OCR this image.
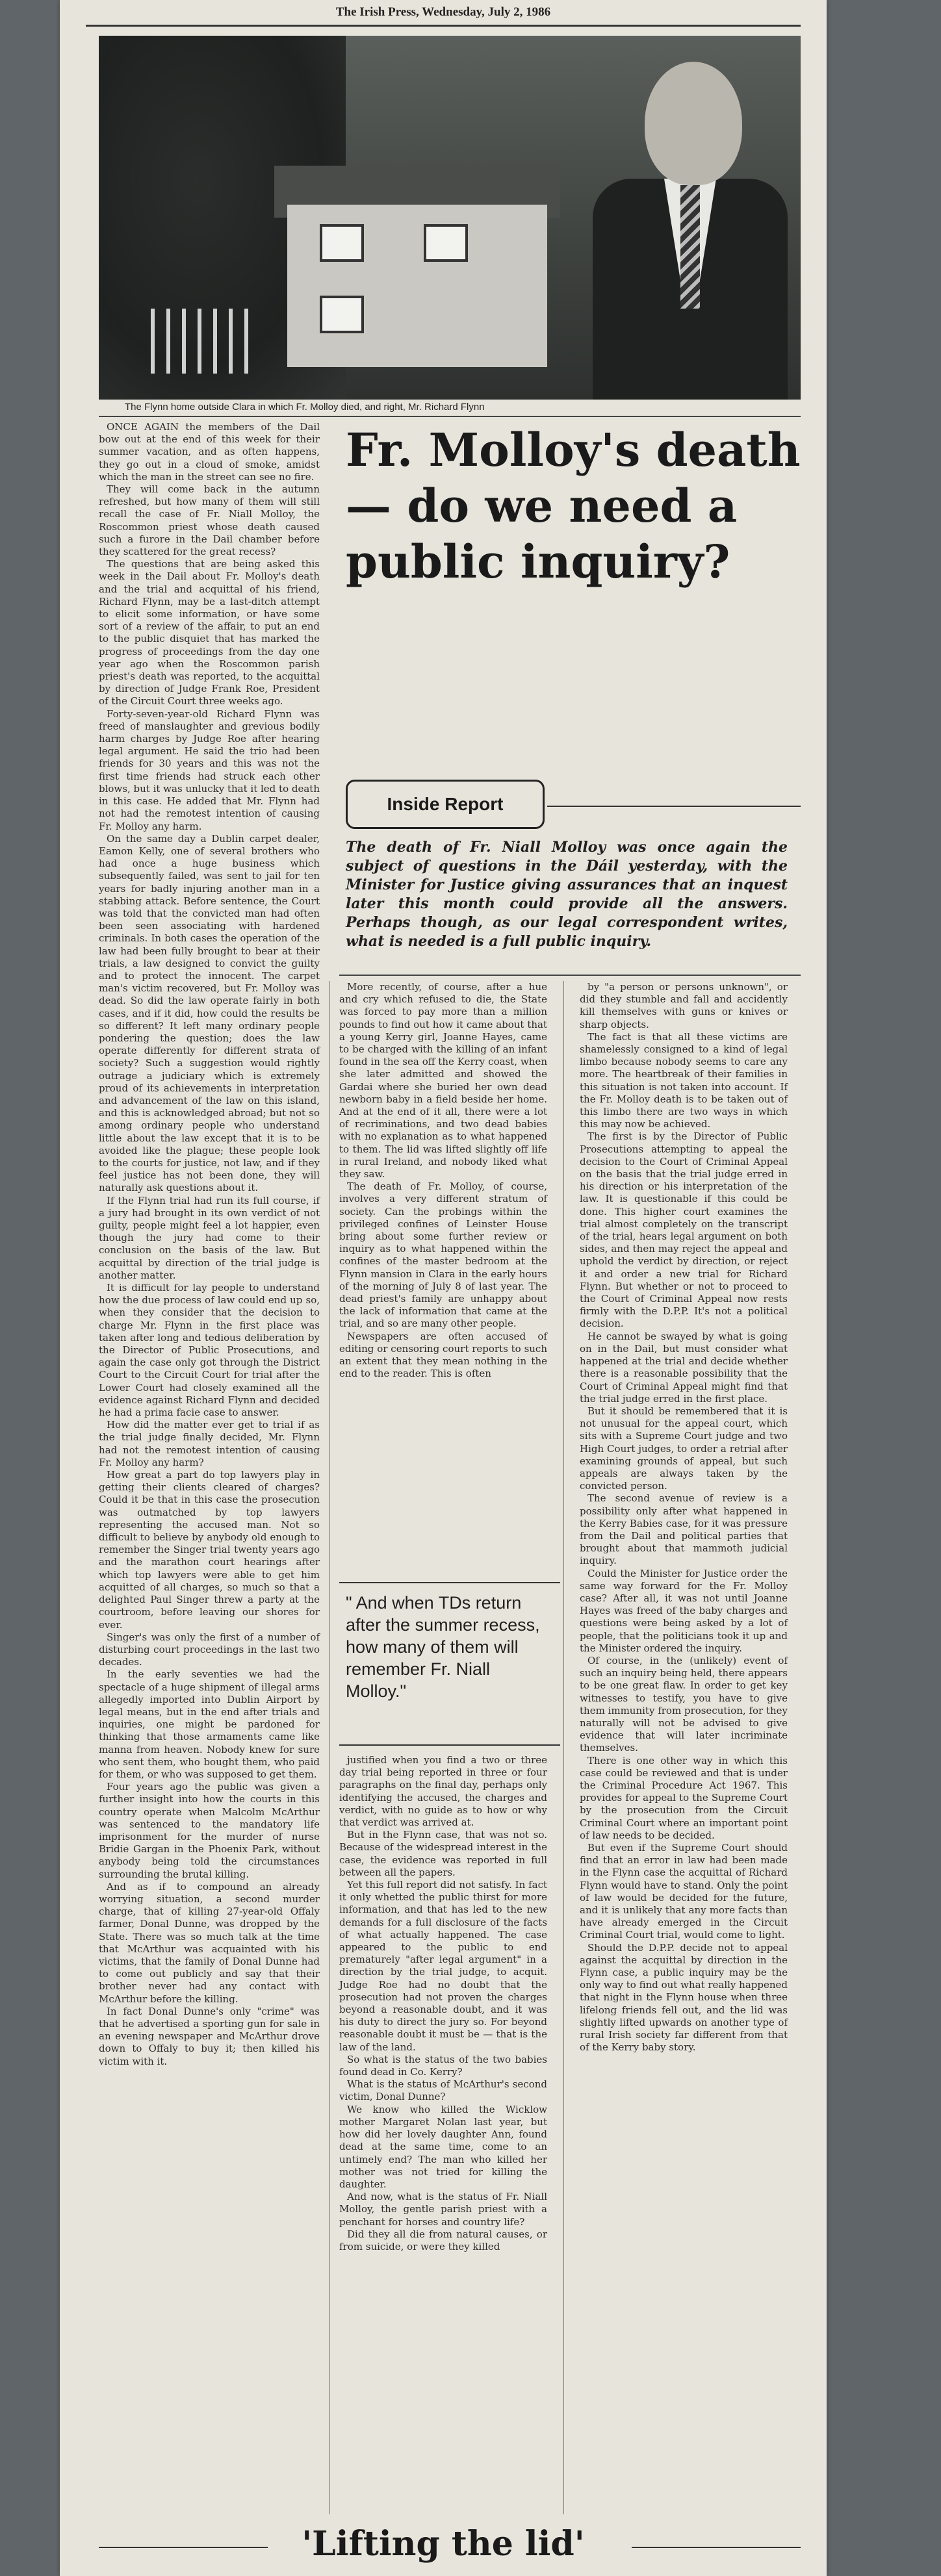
The Irish Press, Wednesday, July 2, 1986
The Flynn home outside Clara in which Fr. Molloy died, and right, Mr. Richard Flynn

ONCE AGAIN the members of the Dail bow out at the end of this week for their summer vacation, and as often happens, they go out in a cloud of smoke, amidst which the man in the street can see no fire.

They will come back in the autumn refreshed, but how many of them will still recall the case of Fr. Niall Molloy, the Roscommon priest whose death caused such a furore in the Dail chamber before they scattered for the great recess?

The questions that are being asked this week in the Dail about Fr. Molloy's death and the trial and acquittal of his friend, Richard Flynn, may be a last-ditch attempt to elicit some information, or have some sort of a review of the affair, to put an end to the public disquiet that has marked the progress of proceedings from the day one year ago when the Roscommon parish priest's death was reported, to the acquittal by direction of Judge Frank Roe, President of the Circuit Court three weeks ago.

Forty-seven-year-old Richard Flynn was freed of manslaughter and grevious bodily harm charges by Judge Roe after hearing legal argument. He said the trio had been friends for 30 years and this was not the first time friends had struck each other blows, but it was unlucky that it led to death in this case. He added that Mr. Flynn had not had the remotest intention of causing Fr. Molloy any harm.

On the same day a Dublin carpet dealer, Eamon Kelly, one of several brothers who had once a huge business which subsequently failed, was sent to jail for ten years for badly injuring another man in a stabbing attack. Before sentence, the Court was told that the convicted man had often been seen associating with hardened criminals. In both cases the operation of the law had been fully brought to bear at their trials, a law designed to convict the guilty and to protect the innocent. The carpet man's victim recovered, but Fr. Molloy was dead. So did the law operate fairly in both cases, and if it did, how could the results be so different? It left many ordinary people pondering the question; does the law operate differently for different strata of society? Such a suggestion would rightly outrage a judiciary which is extremely proud of its achievements in interpretation and advancement of the law on this island, and this is acknowledged abroad; but not so among ordinary people who understand little about the law except that it is to be avoided like the plague; these people look to the courts for justice, not law, and if they feel justice has not been done, they will naturally ask questions about it.

If the Flynn trial had run its full course, if a jury had brought in its own verdict of not guilty, people might feel a lot happier, even though the jury had come to their conclusion on the basis of the law. But acquittal by direction of the trial judge is another matter.

It is difficult for lay people to understand how the due process of law could end up so, when they consider that the decision to charge Mr. Flynn in the first place was taken after long and tedious deliberation by the Director of Public Prosecutions, and again the case only got through the District Court to the Circuit Court for trial after the Lower Court had closely examined all the evidence against Richard Flynn and decided he had a prima facie case to answer.

How did the matter ever get to trial if as the trial judge finally decided, Mr. Flynn had not the remotest intention of causing Fr. Molloy any harm?

How great a part do top lawyers play in getting their clients cleared of charges? Could it be that in this case the prosecution was outmatched by top lawyers representing the accused man. Not so difficult to believe by anybody old enough to remember the Singer trial twenty years ago and the marathon court hearings after which top lawyers were able to get him acquitted of all charges, so much so that a delighted Paul Singer threw a party at the courtroom, before leaving our shores for ever.

Singer's was only the first of a number of disturbing court proceedings in the last two decades.

In the early seventies we had the spectacle of a huge shipment of illegal arms allegedly imported into Dublin Airport by legal means, but in the end after trials and inquiries, one might be pardoned for thinking that those armaments came like manna from heaven. Nobody knew for sure who sent them, who bought them, who paid for them, or who was supposed to get them.

Four years ago the public was given a further insight into how the courts in this country operate when Malcolm McArthur was sentenced to the mandatory life imprisonment for the murder of nurse Bridie Gargan in the Phoenix Park, without anybody being told the circumstances surrounding the brutal killing.

And as if to compound an already worrying situation, a second murder charge, that of killing 27-year-old Offaly farmer, Donal Dunne, was dropped by the State. There was so much talk at the time that McArthur was acquainted with his victims, that the family of Donal Dunne had to come out publicly and say that their brother never had any contact with McArthur before the killing.

In fact Donal Dunne's only "crime" was that he advertised a sporting gun for sale in an evening newspaper and McArthur drove down to Offaly to buy it; then killed his victim with it.

Fr. Molloy's death — do we need a public inquiry?
Inside Report
The death of Fr. Niall Molloy was once again the subject of questions in the Dáil yesterday, with the Minister for Justice giving assurances that an inquest later this month could provide all the answers. Perhaps though, as our legal correspondent writes, what is needed is a full public inquiry.

More recently, of course, after a hue and cry which refused to die, the State was forced to pay more than a million pounds to find out how it came about that a young Kerry girl, Joanne Hayes, came to be charged with the killing of an infant found in the sea off the Kerry coast, when she later admitted and showed the Gardai where she buried her own dead newborn baby in a field beside her home. And at the end of it all, there were a lot of recriminations, and two dead babies with no explanation as to what happened to them. The lid was lifted slightly off life in rural Ireland, and nobody liked what they saw.

The death of Fr. Molloy, of course, involves a very different stratum of society. Can the probings within the privileged confines of Leinster House bring about some further review or inquiry as to what happened within the confines of the master bedroom at the Flynn mansion in Clara in the early hours of the morning of July 8 of last year. The dead priest's family are unhappy about the lack of information that came at the trial, and so are many other people.

Newspapers are often accused of editing or censoring court reports to such an extent that they mean nothing in the end to the reader. This is often

" And when TDs return after the summer recess, how many of them will remember Fr. Niall Molloy."

justified when you find a two or three day trial being reported in three or four paragraphs on the final day, perhaps only identifying the accused, the charges and verdict, with no guide as to how or why that verdict was arrived at.

But in the Flynn case, that was not so. Because of the widespread interest in the case, the evidence was reported in full between all the papers.

Yet this full report did not satisfy. In fact it only whetted the public thirst for more information, and that has led to the new demands for a full disclosure of the facts of what actually happened. The case appeared to the public to end prematurely "after legal argument" in a direction by the trial judge, to acquit. Judge Roe had no doubt that the prosecution had not proven the charges beyond a reasonable doubt, and it was his duty to direct the jury so. For beyond reasonable doubt it must be — that is the law of the land.

So what is the status of the two babies found dead in Co. Kerry?

What is the status of McArthur's second victim, Donal Dunne?

We know who killed the Wicklow mother Margaret Nolan last year, but how did her lovely daughter Ann, found dead at the same time, come to an untimely end? The man who killed her mother was not tried for killing the daughter.

And now, what is the status of Fr. Niall Molloy, the gentle parish priest with a penchant for horses and country life?

Did they all die from natural causes, or from suicide, or were they killed

by "a person or persons unknown", or did they stumble and fall and accidently kill themselves with guns or knives or sharp objects.

The fact is that all these victims are shamelessly consigned to a kind of legal limbo because nobody seems to care any more. The heartbreak of their families in this situation is not taken into account. If the Fr. Molloy death is to be taken out of this limbo there are two ways in which this may now be achieved.

The first is by the Director of Public Prosecutions attempting to appeal the decision to the Court of Criminal Appeal on the basis that the trial judge erred in his direction or his interpretation of the law. It is questionable if this could be done. This higher court examines the trial almost completely on the transcript of the trial, hears legal argument on both sides, and then may reject the appeal and uphold the verdict by direction, or reject it and order a new trial for Richard Flynn. But whether or not to proceed to the Court of Criminal Appeal now rests firmly with the D.P.P. It's not a political decision.

He cannot be swayed by what is going on in the Dail, but must consider what happened at the trial and decide whether there is a reasonable possibility that the Court of Criminal Appeal might find that the trial judge erred in the first place.

But it should be remembered that it is not unusual for the appeal court, which sits with a Supreme Court judge and two High Court judges, to order a retrial after examining grounds of appeal, but such appeals are always taken by the convicted person.

The second avenue of review is a possibility only after what happened in the Kerry Babies case, for it was pressure from the Dail and political parties that brought about that mammoth judicial inquiry.

Could the Minister for Justice order the same way forward for the Fr. Molloy case? After all, it was not until Joanne Hayes was freed of the baby charges and questions were being asked by a lot of people, that the politicians took it up and the Minister ordered the inquiry.

Of course, in the (unlikely) event of such an inquiry being held, there appears to be one great flaw. In order to get key witnesses to testify, you have to give them immunity from prosecution, for they naturally will not be advised to give evidence that will later incriminate themselves.

There is one other way in which this case could be reviewed and that is under the Criminal Procedure Act 1967. This provides for appeal to the Supreme Court by the prosecution from the Circuit Criminal Court where an important point of law needs to be decided.

But even if the Supreme Court should find that an error in law had been made in the Flynn case the acquittal of Richard Flynn would have to stand. Only the point of law would be decided for the future, and it is unlikely that any more facts than have already emerged in the Circuit Criminal Court trial, would come to light.

Should the D.P.P. decide not to appeal against the acquittal by direction in the Flynn case, a public inquiry may be the only way to find out what really happened that night in the Flynn house when three lifelong friends fell out, and the lid was slightly lifted upwards on another type of rural Irish society far different from that of the Kerry baby story.

'Lifting the lid'
